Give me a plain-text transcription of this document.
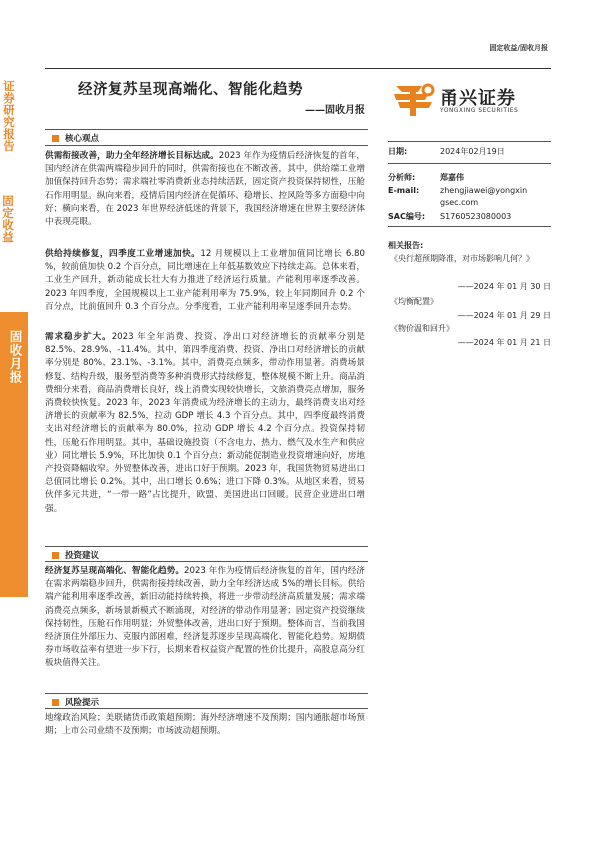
证券研究报告
固定收益
固收月报
固定收益/固收月报
经济复苏呈现高端化、智能化趋势
——固收月报
甬兴证券
YONGXING SECURITIES
核心观点
供需衔接改善，助力全年经济增长目标达成。2023 年作为疫情后经济恢复的首年，国内经济在供需两端稳步回升的同时，供需衔接也在不断改善，其中，供给端工业增加值保持回升态势；需求端社零消费新业态持续活跃，固定资产投资保持韧性，压舱石作用明显。纵向来看，疫情后国内经济在促循环、稳增长、控风险等多方面稳中向好；横向来看，在 2023 年世界经济低迷的背景下，我国经济增速在世界主要经济体中表现亮眼。
供给持续修复，四季度工业增速加快。12 月规模以上工业增加值同比增长 6.80 %，较前值加快 0.2 个百分点，同比增速在上年低基数效应下持续走高。总体来看，工业生产回升，新动能成长壮大有力推进了经济运行质量。产能利用率逐季改善。2023 年四季度，全国规模以上工业产能利用率为 75.9%，较上年同期回升 0.2 个百分点，比前值回升 0.3 个百分点。分季度看，工业产能利用率呈逐季回升态势。
需求稳步扩大。2023 年全年消费、投资、净出口对经济增长的贡献率分别是 82.5%、28.9%、-11.4%。其中，第四季度消费、投资、净出口对经济增长的贡献率分别是 80%、23.1%、-3.1%。其中，消费亮点频多，带动作用显著。消费场景修复、结构升级，服务型消费等多种消费形式持续修复，整体规模不断上升。商品消费细分来看，商品消费增长良好，线上消费实现较快增长，文旅消费亮点增加，服务消费较快恢复。2023 年，2023 年消费成为经济增长的主动力，最终消费支出对经济增长的贡献率为 82.5%，拉动 GDP 增长 4.3 个百分点。其中，四季度最终消费支出对经济增长的贡献率为 80.0%，拉动 GDP 增长 4.2 个百分点。投资保持韧性，压舱石作用明显。其中，基础设施投资（不含电力、热力、燃气及水生产和供应业）同比增长 5.9%，环比加快 0.1 个百分点；新动能促制造业投资增速向好，房地产投资降幅收窄。外贸整体改善，进出口好于预期。2023 年，我国货物贸易进出口总值同比增长 0.2%。其中，出口增长 0.6%；进口下降 0.3%。从地区来看，贸易伙伴多元共进，“一带一路”占比提升，欧盟、美国进出口回暖。民营企业进出口增强。
投资建议
经济复苏呈现高端化、智能化趋势。2023 年作为疫情后经济恢复的首年，国内经济在需求两端稳步回升，供需衔接持续改善，助力全年经济达成 5%的增长目标。供给端产能利用率逐季改善，新旧动能持续转换，将进一步带动经济高质量发展；需求端消费亮点频多，新场景新模式不断涌现，对经济的带动作用显著；固定资产投资继续保持韧性，压舱石作用明显；外贸整体改善，进出口好于预期。整体而言，当前我国经济顶住外部压力、克服内部困难，经济复苏逐步呈现高端化、智能化趋势。短期债券市场收益率有望进一步下行，长期来看权益资产配置的性价比提升，高股息高分红板块值得关注。
风险提示
地缘政治风险；美联储货币政策超预期；海外经济增速不及预期；国内通胀超市场预期；上市公司业绩不及预期；市场波动超预期。
日期:	2024年02月19日
分析师:	郑嘉伟
E-mail:	zhengjiawei@yongxin
gsec.com
SAC编号: S1760523080003
相关报告:
《央行超预期降准，对市场影响几何？》
——2024 年 01 月 30 日
《均衡配置》
——2024 年 01 月 29 日
《物价温和回升》
——2024 年 01 月 21 日
